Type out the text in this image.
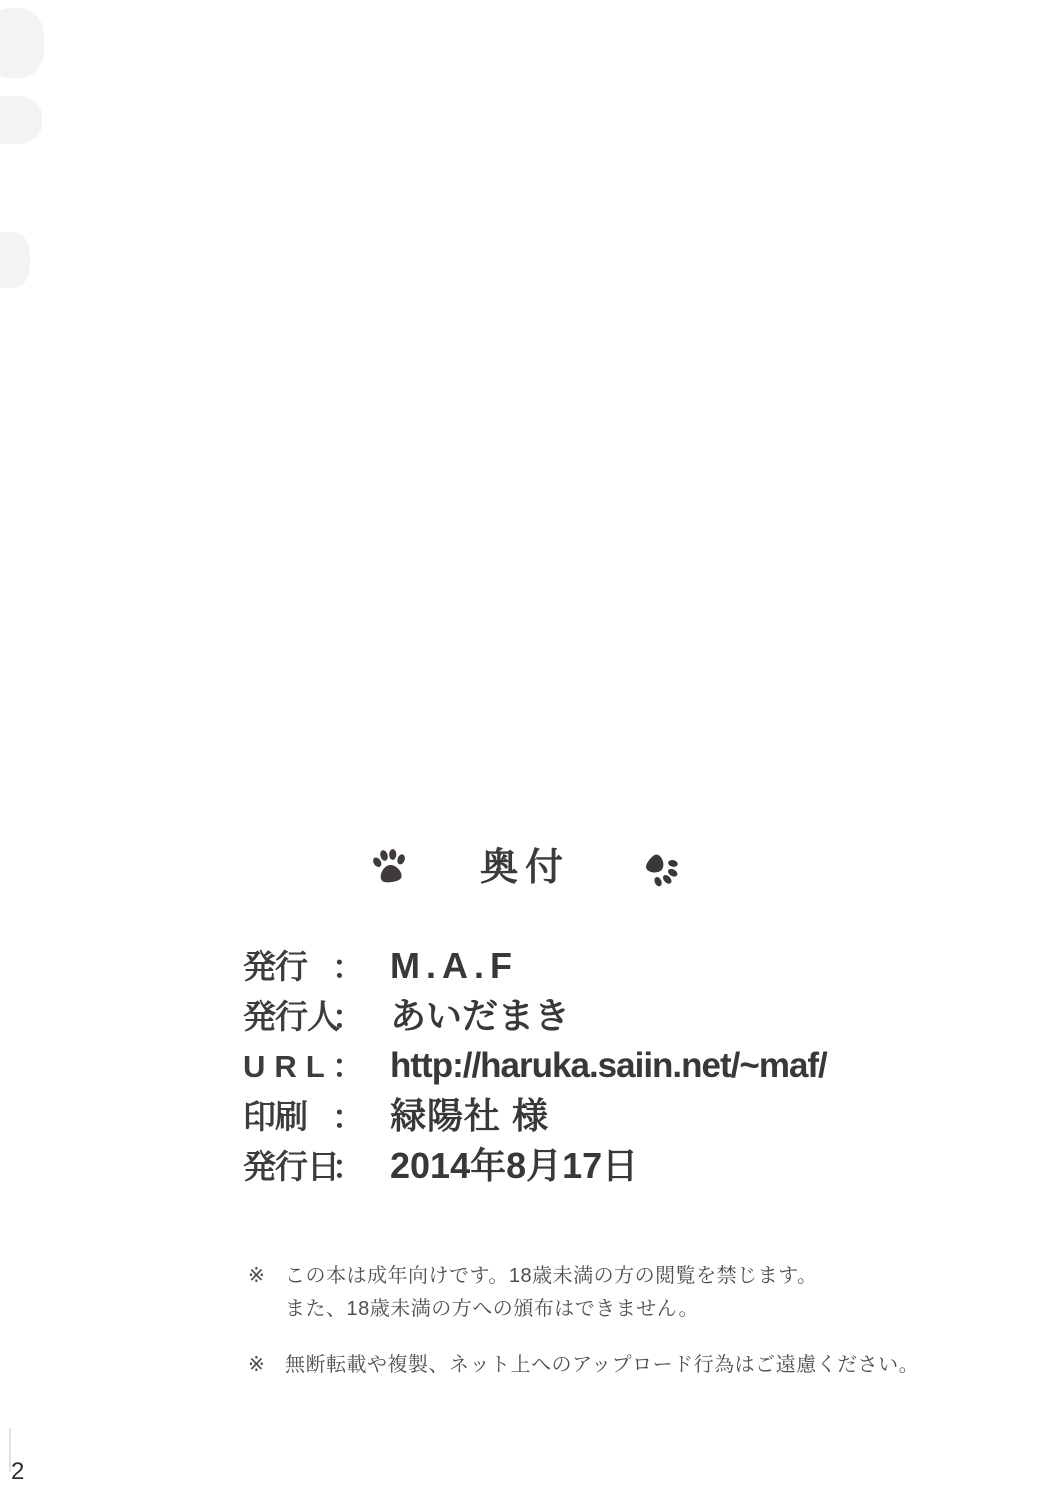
奥付
発行 ： M.A.F
発行人
： あいだまき
URL
： http://haruka.saiin.net/~maf/
印刷 ： 緑陽社 様
発行日
： 2014年8月17日
※	この本は成年向けです。18歳未満の方の閲覧を禁じます。
また、18歳未満の方への頒布はできません。
※	無断転載や複製、ネット上へのアップロード行為はご遠慮ください。
2
